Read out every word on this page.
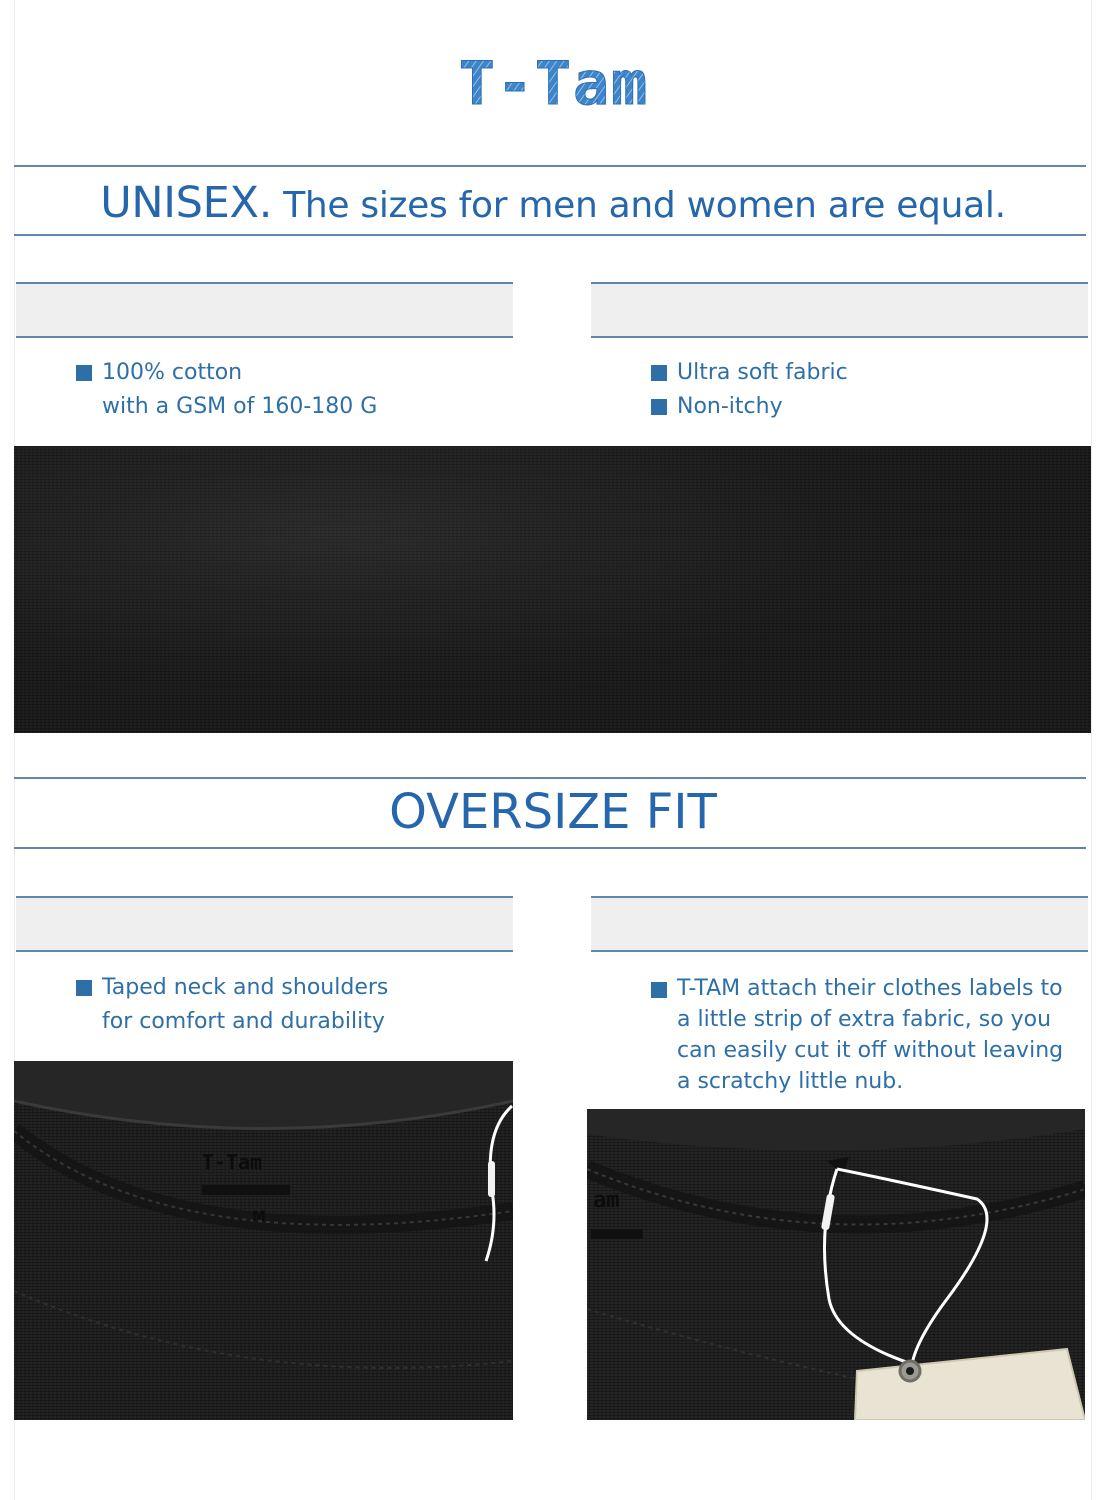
T-Tam
UNISEX. The sizes for men and women are equal.
100% cotton
with a GSM of 160-180 G
Ultra soft fabric
Non-itchy
OVERSIZE FIT
Taped neck and shoulders
for comfort and durability
T-TAM attach their clothes labels to
a little strip of extra fabric, so you
can easily cut it off without leaving
a scratchy little nub.
T-Tam
M
am
